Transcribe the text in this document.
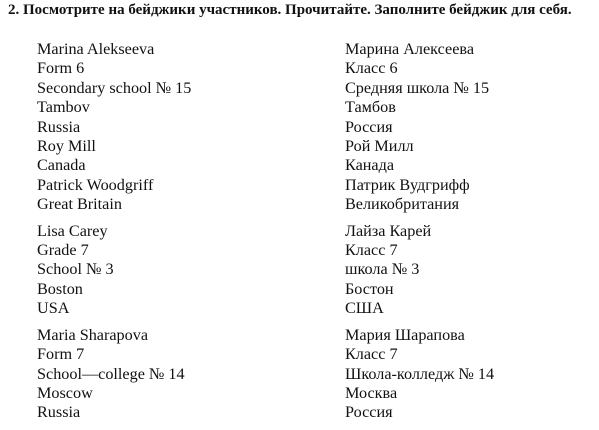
2. Посмотрите на бейджики участников. Прочитайте. Заполните бейджик для себя.
Marina Alekseeva
Form 6
Secondary school № 15
Tambov
Russia
Roy Mill
Canada
Patrick Woodgriff
Great Britain
Lisa Carey
Grade 7
School № 3
Boston
USA
Maria Sharapova
Form 7
School—college № 14
Moscow
Russia
Марина Алексеева
Класс 6
Средняя школа № 15
Тамбов
Россия
Рой Милл
Канада
Патрик Вудгрифф
Великобритания
Лайза Карей
Класс 7
школа № 3
Бостон
США
Мария Шарапова
Класс 7
Школа-колледж № 14
Москва
Россия
